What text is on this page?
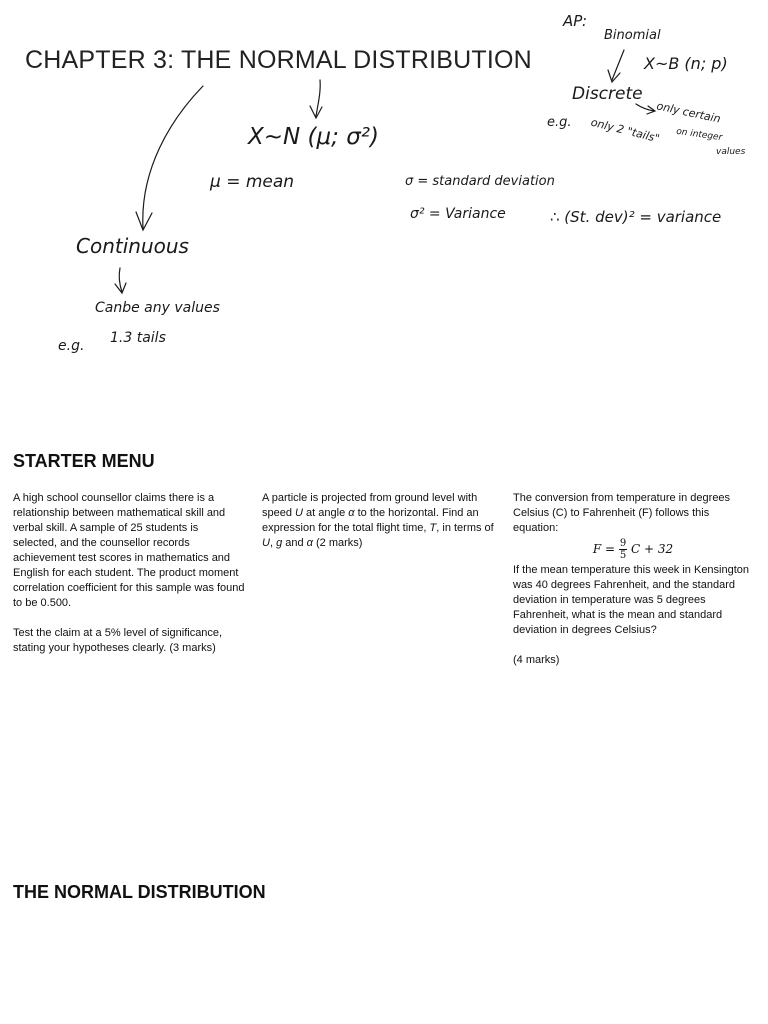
CHAPTER 3: THE NORMAL DISTRIBUTION
AP:
Binomial
X~B (n; p)
Discrete
only certain
e.g. only 2 "tails" on integer
values
X~N (μ; σ²)
μ = mean	σ = standard deviation
σ² = Variance	∴ (St. dev)² = variance
Continuous
Canbe any values
e.g. 1.3 tails
STARTER MENU

A high school counsellor claims there is a relationship between mathematical skill and verbal skill. A sample of 25 students is selected, and the counsellor records achievement test scores in mathematics and English for each student. The product moment correlation coefficient for this sample was found to be 0.500.

Test the claim at a 5% level of significance, stating your hypotheses clearly. (3 marks)

A particle is projected from ground level with speed U at angle α to the horizontal. Find an expression for the total flight time, T, in terms of U, g and α (2 marks)

The conversion from temperature in degrees Celsius (C) to Fahrenheit (F) follows this equation:

$F = \frac{9}{5}$ C + 32

If the mean temperature this week in Kensington was 40 degrees Fahrenheit, and the standard deviation in temperature was 5 degrees Fahrenheit, what is the mean and standard deviation in degrees Celsius?

(4 marks)

THE NORMAL DISTRIBUTION
